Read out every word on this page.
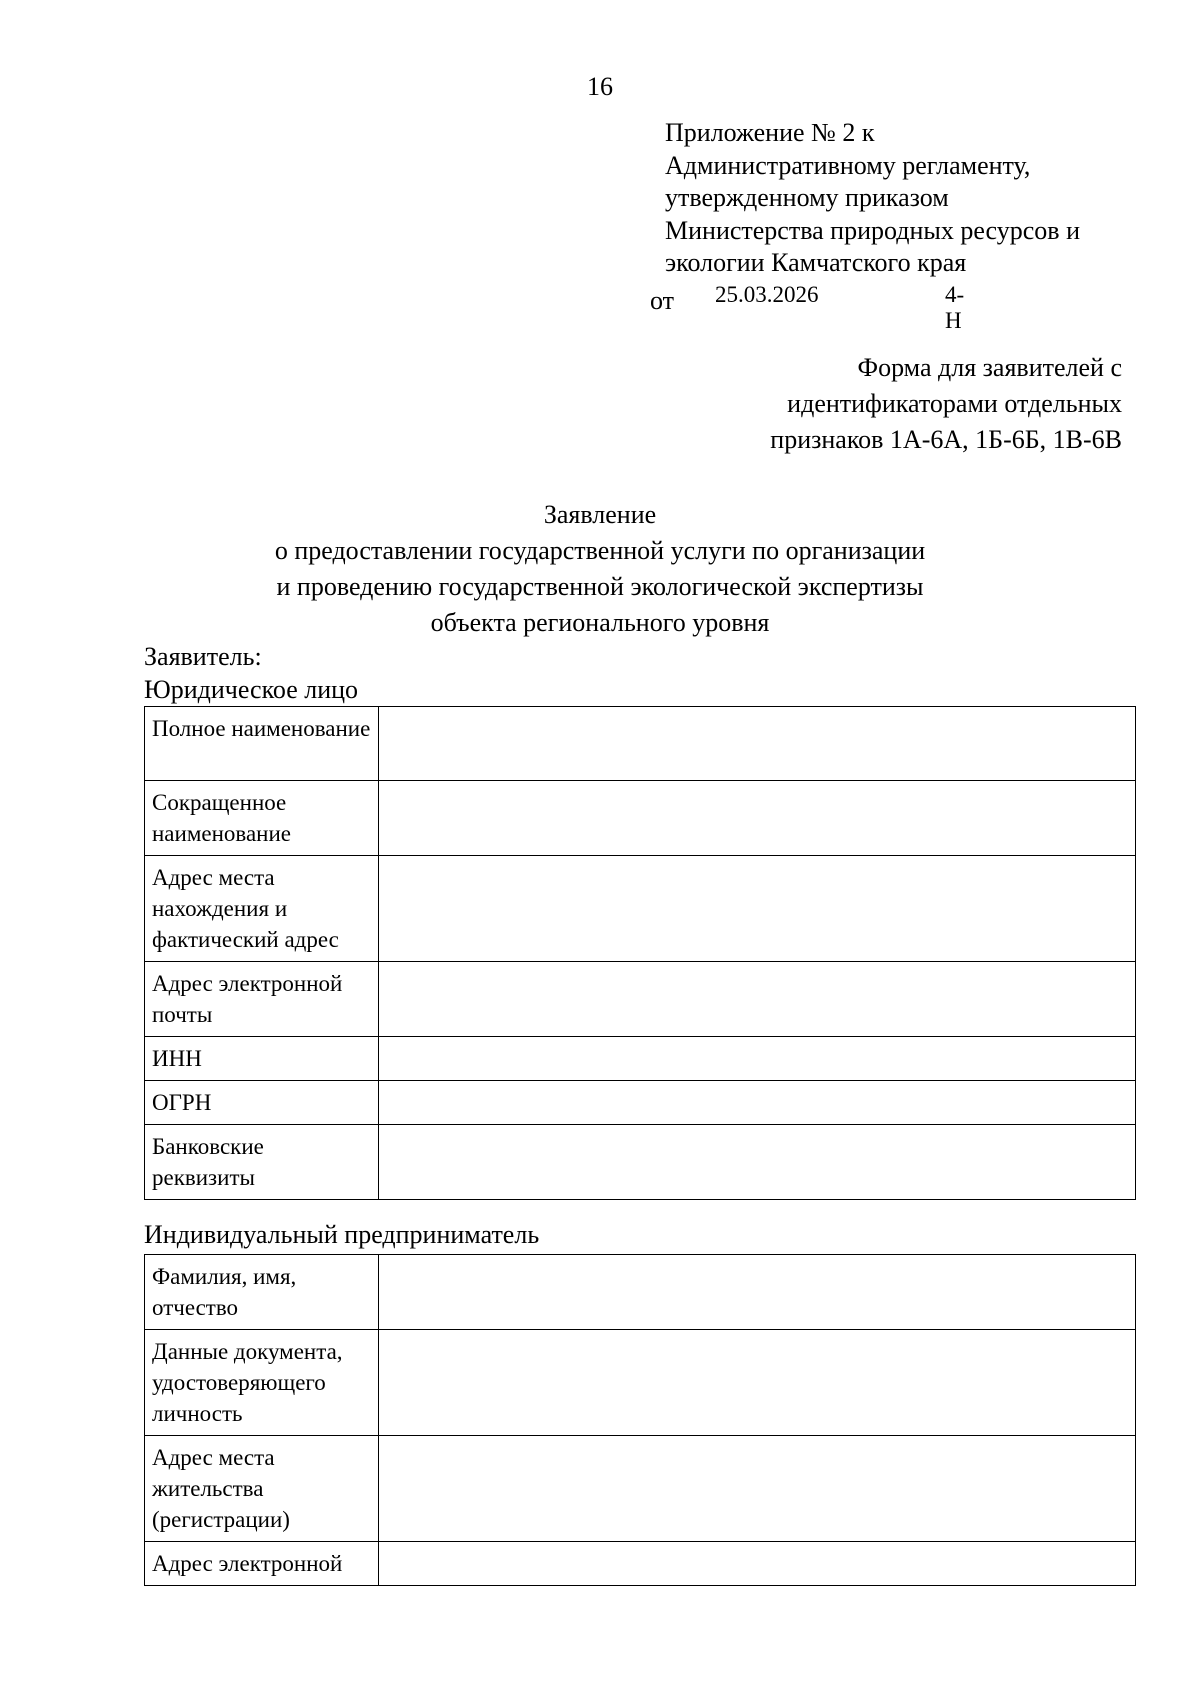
16
Приложение № 2 к
Административному регламенту,
утвержденному приказом
Министерства природных ресурсов и
экологии Камчатского края
от 25.03.2026	4-Н
Форма для заявителей с
идентификаторами отдельных
признаков 1А-6А, 1Б-6Б, 1В-6В
Заявление
о предоставлении государственной услуги по организации
и проведению государственной экологической экспертизы
объекта регионального уровня
Заявитель:
Юридическое лицо
Полное наименование	
Сокращенное наименование	
Адрес места нахождения и фактический адрес	
Адрес электронной почты	
ИНН	
ОГРН	
Банковские реквизиты	
Индивидуальный предприниматель
Фамилия, имя, отчество	
Данные документа, удостоверяющего личность	
Адрес места жительства (регистрации)	
Адрес электронной	
